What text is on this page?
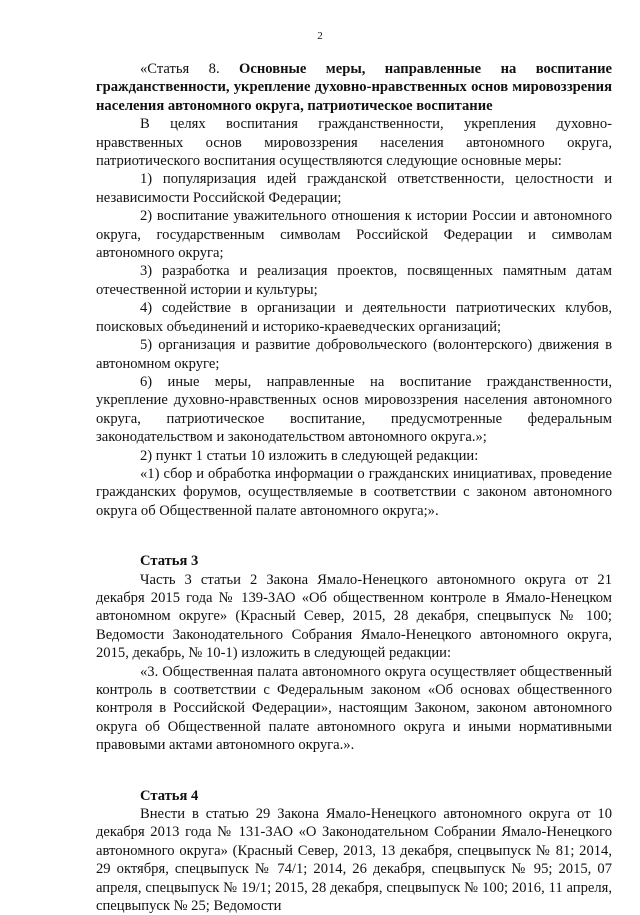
2

«Статья 8. Основные меры, направленные на воспитание гражданственности, укрепление духовно-нравственных основ мировоззрения населения автономного округа, патриотическое воспитание

В целях воспитания гражданственности, укрепления духовно-нравственных основ мировоззрения населения автономного округа, патриотического воспитания осуществляются следующие основные меры:

1) популяризация идей гражданской ответственности, целостности и независимости Российской Федерации;

2) воспитание уважительного отношения к истории России и автономного округа, государственным символам Российской Федерации и символам автономного округа;

3) разработка и реализация проектов, посвященных памятным датам отечественной истории и культуры;

4) содействие в организации и деятельности патриотических клубов, поисковых объединений и историко-краеведческих организаций;

5) организация и развитие добровольческого (волонтерского) движения в автономном округе;

6) иные меры, направленные на воспитание гражданственности, укрепление духовно-нравственных основ мировоззрения населения автономного округа, патриотическое воспитание, предусмотренные федеральным законодательством и законодательством автономного округа.»;

2) пункт 1 статьи 10 изложить в следующей редакции:

«1) сбор и обработка информации о гражданских инициативах, проведение гражданских форумов, осуществляемые в соответствии с законом автономного округа об Общественной палате автономного округа;».

Статья 3

Часть 3 статьи 2 Закона Ямало-Ненецкого автономного округа от 21 декабря 2015 года № 139-ЗАО «Об общественном контроле в Ямало-Ненецком автономном округе» (Красный Север, 2015, 28 декабря, спецвыпуск № 100; Ведомости Законодательного Собрания Ямало-Ненецкого автономного округа, 2015, декабрь, № 10-1) изложить в следующей редакции:

«3. Общественная палата автономного округа осуществляет общественный контроль в соответствии с Федеральным законом «Об основах общественного контроля в Российской Федерации», настоящим Законом, законом автономного округа об Общественной палате автономного округа и иными нормативными правовыми актами автономного округа.».

Статья 4

Внести в статью 29 Закона Ямало-Ненецкого автономного округа от 10 декабря 2013 года № 131-ЗАО «О Законодательном Собрании Ямало-Ненецкого автономного округа» (Красный Север, 2013, 13 декабря, спецвыпуск № 81; 2014, 29 октября, спецвыпуск № 74/1; 2014, 26 декабря, спецвыпуск № 95; 2015, 07 апреля, спецвыпуск № 19/1; 2015, 28 декабря, спецвыпуск № 100; 2016, 11 апреля, спецвыпуск № 25; Ведомости
